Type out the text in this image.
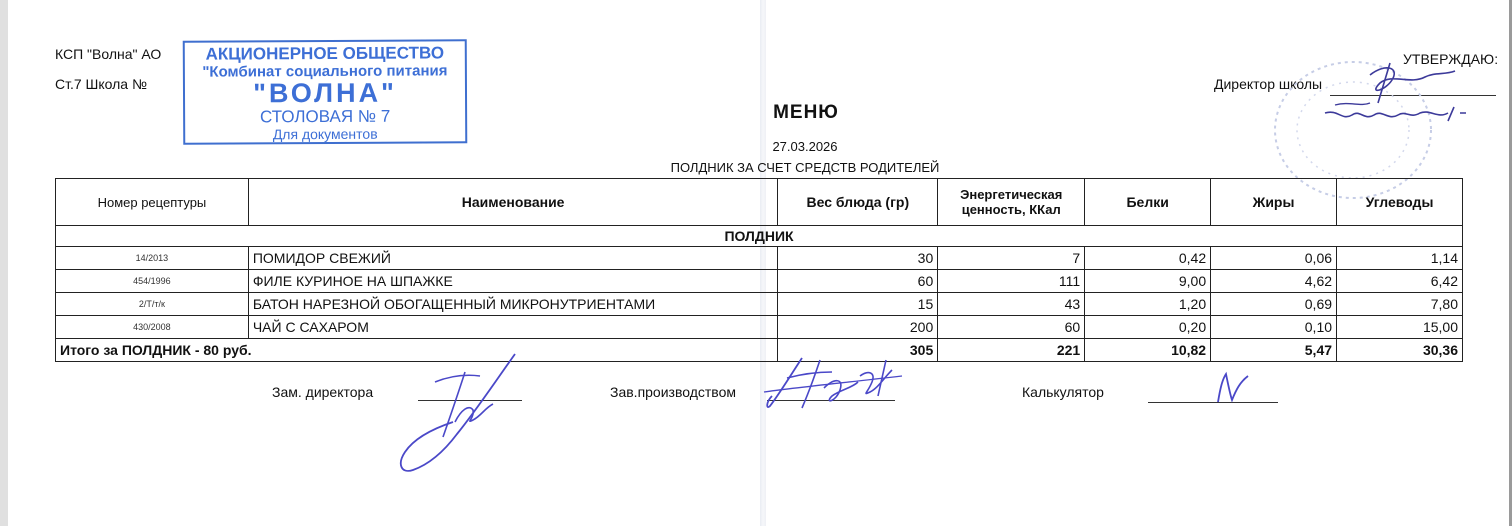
КСП "Волна" АО
Ст.7 Школа №
АКЦИОНЕРНОЕ ОБЩЕСТВО
"Комбинат социального питания
"ВОЛНА"
СТОЛОВАЯ № 7
Для документов
УТВЕРЖДАЮ:
Директор школы
МЕНЮ
27.03.2026
ПОЛДНИК ЗА СЧЕТ СРЕДСТВ РОДИТЕЛЕЙ
Номер рецептуры	Наименование	Вес блюда (гр)	Энергетическая ценность, ККал	Белки	Жиры	Углеводы
ПОЛДНИК						
14/2013	ПОМИДОР СВЕЖИЙ	30	7	0,42	0,06	1,14
454/1996	ФИЛЕ КУРИНОЕ НА ШПАЖКЕ	60	111	9,00	4,62	6,42
2/Т/т/к	БАТОН НАРЕЗНОЙ ОБОГАЩЕННЫЙ МИКРОНУТРИЕНТАМИ	15	43	1,20	0,69	7,80
430/2008	ЧАЙ С САХАРОМ	200	60	0,20	0,10	15,00
Итого за ПОЛДНИК - 80 руб.		305	221	10,82	5,47	30,36
Зам. директора	Зав.производством	Калькулятор
